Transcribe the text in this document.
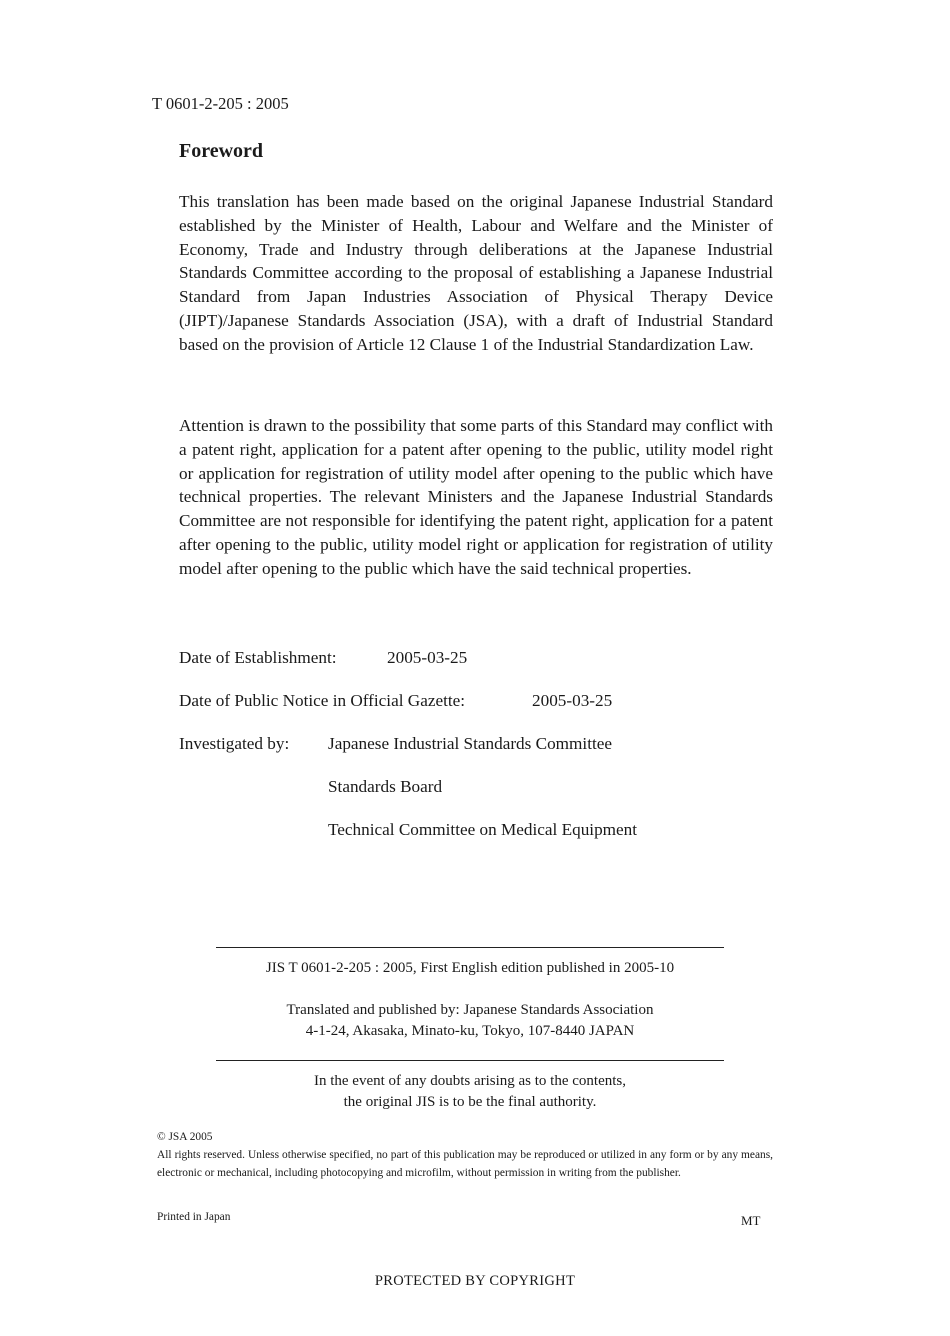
T 0601-2-205 : 2005
Foreword

This translation has been made based on the original Japanese Industrial Standard established by the Minister of Health, Labour and Welfare and the Minister of Economy, Trade and Industry through deliberations at the Japanese Industrial Standards Committee according to the proposal of establishing a Japanese Industrial Standard from Japan Industries Association of Physical Therapy Device (JIPT)/Japanese Standards Association (JSA), with a draft of Industrial Standard based on the provision of Article 12 Clause 1 of the Industrial Standardization Law.

Attention is drawn to the possibility that some parts of this Standard may conflict with a patent right, application for a patent after opening to the public, utility model right or application for registration of utility model after opening to the public which have technical properties. The relevant Ministers and the Japanese Industrial Standards Committee are not responsible for identifying the patent right, application for a patent after opening to the public, utility model right or application for registration of utility model after opening to the public which have the said technical properties.

Date of Establishment:	2005-03-25
Date of Public Notice in Official Gazette:	2005-03-25
Investigated by: Japanese Industrial Standards Committee
Standards Board
Technical Committee on Medical Equipment
JIS T 0601-2-205 : 2005, First English edition published in 2005-10
Translated and published by: Japanese Standards Association
4-1-24, Akasaka, Minato-ku, Tokyo, 107-8440 JAPAN
In the event of any doubts arising as to the contents,
the original JIS is to be the final authority.
© JSA 2005
All rights reserved. Unless otherwise specified, no part of this publication may be reproduced or utilized in any form or by any means, electronic or mechanical, including photocopying and microfilm, without permission in writing from the publisher.
Printed in Japan	MT
PROTECTED BY COPYRIGHT
